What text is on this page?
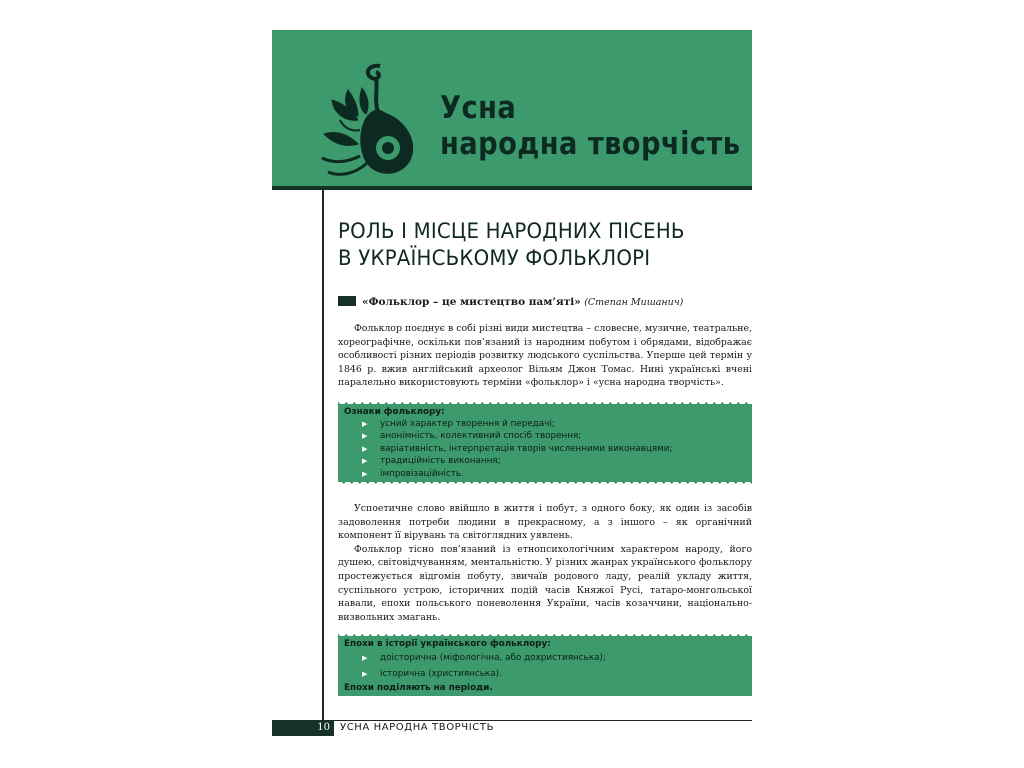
Усна
народна творчість
РОЛЬ І МІСЦЕ НАРОДНИХ ПІСЕНЬ
В УКРАЇНСЬКОМУ ФОЛЬКЛОРІ
«Фольклор – це мистецтво пам’яті» (Степан Мишанич)

Фольклор поєднує в собі різні види мистецтва – словесне, музичне, театральне, хореографічне, оскільки пов’язаний із народним побутом і обрядами, відображає особливості різних періодів розвитку людського суспільства. Уперше цей термін у 1846 р. вжив англійський археолог Вільям Джон Томас. Нині українські вчені паралельно використовують терміни «фольклор» і «усна народна творчість».

Ознаки фольклору:
▶ усний характер творення й передачі;
▶ анонімність, колективний спосіб творення;
▶ варіативність, інтерпретація творів численними виконавцями;
▶ традиційність виконання;
▶ імпровізаційність.

Успоетичне слово ввійшло в життя і побут, з одного боку, як один із засобів задоволення потреби людини в прекрасному, а з іншого – як органічний компонент її вірувань та світоглядних уявлень.

Фольклор тісно пов’язаний із етнопсихологічним характером народу, його душею, світовідчуванням, ментальністю. У різних жанрах українського фольклору простежується відгомін побуту, звичаїв родового ладу, реалій укладу життя, суспільного устрою, історичних подій часів Княжої Русі, татаро-монгольської навали, епохи польського поневолення України, часів козаччини, національно-визвольних змагань.

Епохи в історії українського фольклору:
▶ доісторична (міфологічна, або дохристиянська);
▶ історична (християнська).
Епохи поділяють на періоди.
10	УСНА НАРОДНА ТВОРЧІСТЬ
